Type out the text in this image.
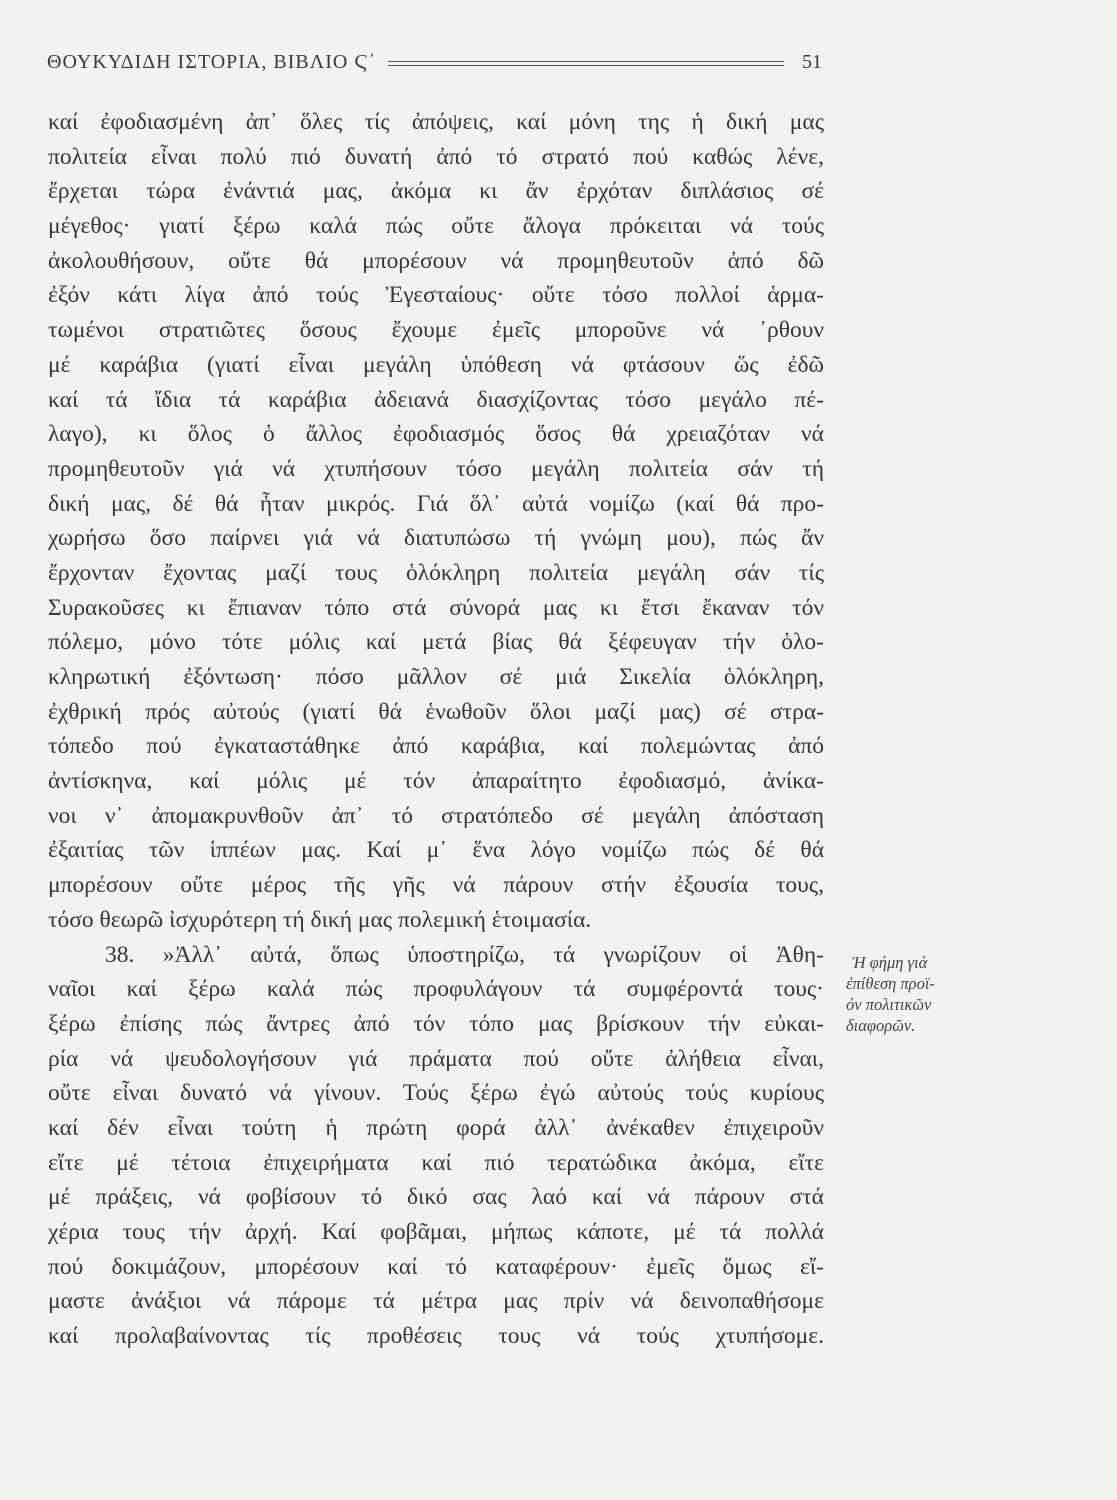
ΘΟΥΚΥΔΙΔΗ ΙΣΤΟΡΙΑ, ΒΙΒΛΙΟ Ϛ΄	51
καί ἐφοδιασμένη ἀπ᾽ ὅλες τίς ἀπόψεις, καί μόνη της ἡ δική μας
πολιτεία εἶναι πολύ πιό δυνατή ἀπό τό στρατό πού καθώς λένε,
ἔρχεται τώρα ἐνάντιά μας, ἀκόμα κι ἄν ἐρχόταν διπλάσιος σέ
μέγεθος· γιατί ξέρω καλά πώς οὔτε ἄλογα πρόκειται νά τούς
ἀκολουθήσουν, οὔτε θά μπορέσουν νά προμηθευτοῦν ἀπό δῶ
ἐξόν κάτι λίγα ἀπό τούς Ἐγεσταίους· οὔτε τόσο πολλοί ἁρμα-
τωμένοι στρατιῶτες ὅσους ἔχουμε ἐμεῖς μποροῦνε νά ᾽ρθουν
μέ καράβια (γιατί εἶναι μεγάλη ὑπόθεση νά φτάσουν ὥς ἐδῶ
καί τά ἴδια τά καράβια ἀδειανά διασχίζοντας τόσο μεγάλο πέ-
λαγο), κι ὅλος ὁ ἄλλος ἐφοδιασμός ὅσος θά χρειαζόταν νά
προμηθευτοῦν γιά νά χτυπήσουν τόσο μεγάλη πολιτεία σάν τή
δική μας, δέ θά ἦταν μικρός. Γιά ὅλ᾽ αὐτά νομίζω (καί θά προ-
χωρήσω ὅσο παίρνει γιά νά διατυπώσω τή γνώμη μου), πώς ἄν
ἔρχονταν ἔχοντας μαζί τους ὁλόκληρη πολιτεία μεγάλη σάν τίς
Συρακοῦσες κι ἔπιαναν τόπο στά σύνορά μας κι ἔτσι ἔκαναν τόν
πόλεμο, μόνο τότε μόλις καί μετά βίας θά ξέφευγαν τήν ὁλο-
κληρωτική ἐξόντωση· πόσο μᾶλλον σέ μιά Σικελία ὁλόκληρη,
ἐχθρική πρός αὐτούς (γιατί θά ἑνωθοῦν ὅλοι μαζί μας) σέ στρα-
τόπεδο πού ἐγκαταστάθηκε ἀπό καράβια, καί πολεμώντας ἀπό
ἀντίσκηνα, καί μόλις μέ τόν ἀπαραίτητο ἐφοδιασμό, ἀνίκα-
νοι ν᾽ ἀπομακρυνθοῦν ἀπ᾽ τό στρατόπεδο σέ μεγάλη ἀπόσταση
ἐξαιτίας τῶν ἱππέων μας. Καί μ᾽ ἕνα λόγο νομίζω πώς δέ θά
μπορέσουν οὔτε μέρος τῆς γῆς νά πάρουν στήν ἐξουσία τους,
τόσο θεωρῶ ἰσχυρότερη τή δική μας πολεμική ἑτοιμασία.
38. »Ἀλλ᾽ αὐτά, ὅπως ὑποστηρίζω, τά γνωρίζουν οἱ Ἀθη-
ναῖοι καί ξέρω καλά πώς προφυλάγουν τά συμφέροντά τους·
ξέρω ἐπίσης πώς ἄντρες ἀπό τόν τόπο μας βρίσκουν τήν εὐκαι-
ρία νά ψευδολογήσουν γιά πράματα πού οὔτε ἀλήθεια εἶναι,
οὔτε εἶναι δυνατό νά γίνουν. Τούς ξέρω ἐγώ αὐτούς τούς κυρίους
καί δέν εἶναι τούτη ἡ πρώτη φορά ἀλλ᾽ ἀνέκαθεν ἐπιχειροῦν
εἴτε μέ τέτοια ἐπιχειρήματα καί πιό τερατώδικα ἀκόμα, εἴτε
μέ πράξεις, νά φοβίσουν τό δικό σας λαό καί νά πάρουν στά
χέρια τους τήν ἀρχή. Καί φοβᾶμαι, μήπως κάποτε, μέ τά πολλά
πού δοκιμάζουν, μπορέσουν καί τό καταφέρουν· ἐμεῖς ὅμως εἴ-
μαστε ἀνάξιοι νά πάρομε τά μέτρα μας πρίν νά δεινοπαθήσομε
καί προλαβαίνοντας τίς προθέσεις τους νά τούς χτυπήσομε.
Ἡ φήμη γιά
ἐπίθεση προϊ-
όν πολιτικῶν
διαφορῶν.
